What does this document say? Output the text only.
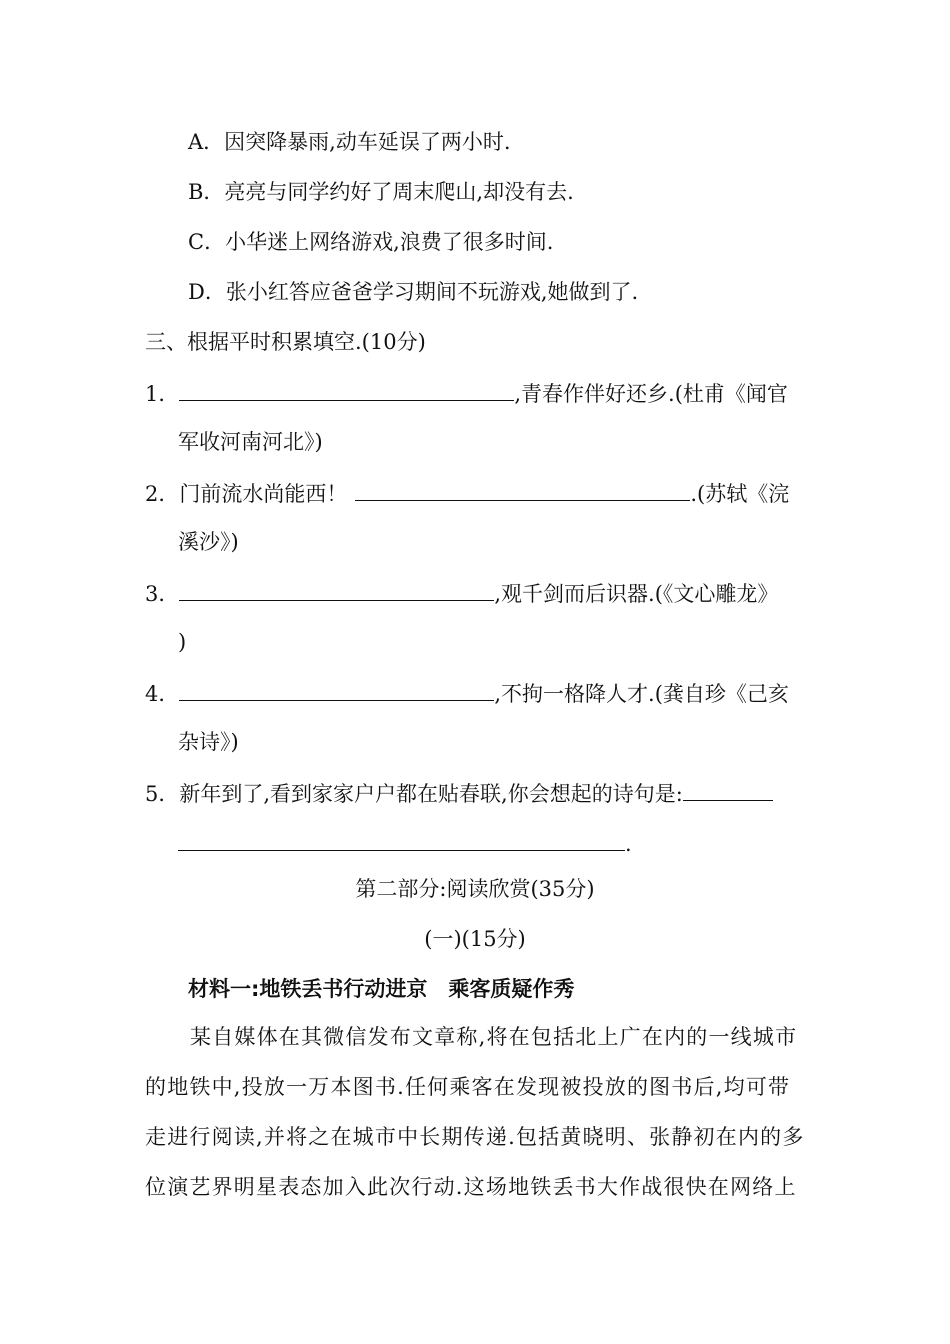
A．因突降暴雨,动车延误了两小时.
B．亮亮与同学约好了周末爬山,却没有去.
C．小华迷上网络游戏,浪费了很多时间.
D．张小红答应爸爸学习期间不玩游戏,她做到了.
三、根据平时积累填空.(10分)
1．	,青春作伴好还乡.(杜甫《闻官
军收河南河北》)
2．门前流水尚能西！	.(苏轼《浣
溪沙》)
3．	,观千剑而后识器.(《文心雕龙》
)
4．	,不拘一格降人才.(龚自珍《己亥
杂诗》)
5．新年到了,看到家家户户都在贴春联,你会想起的诗句是:
.
第二部分:阅读欣赏(35分)
(一)(15分)
材料一:地铁丢书行动进京　乘客质疑作秀

某自媒体在其微信发布文章称,将在包括北上广在内的一线城市的地铁中,投放一万本图书.任何乘客在发现被投放的图书后,均可带走进行阅读,并将之在城市中长期传递.包括黄晓明、张静初在内的多位演艺界明星表态加入此次行动.这场地铁丢书大作战很快在网络上
